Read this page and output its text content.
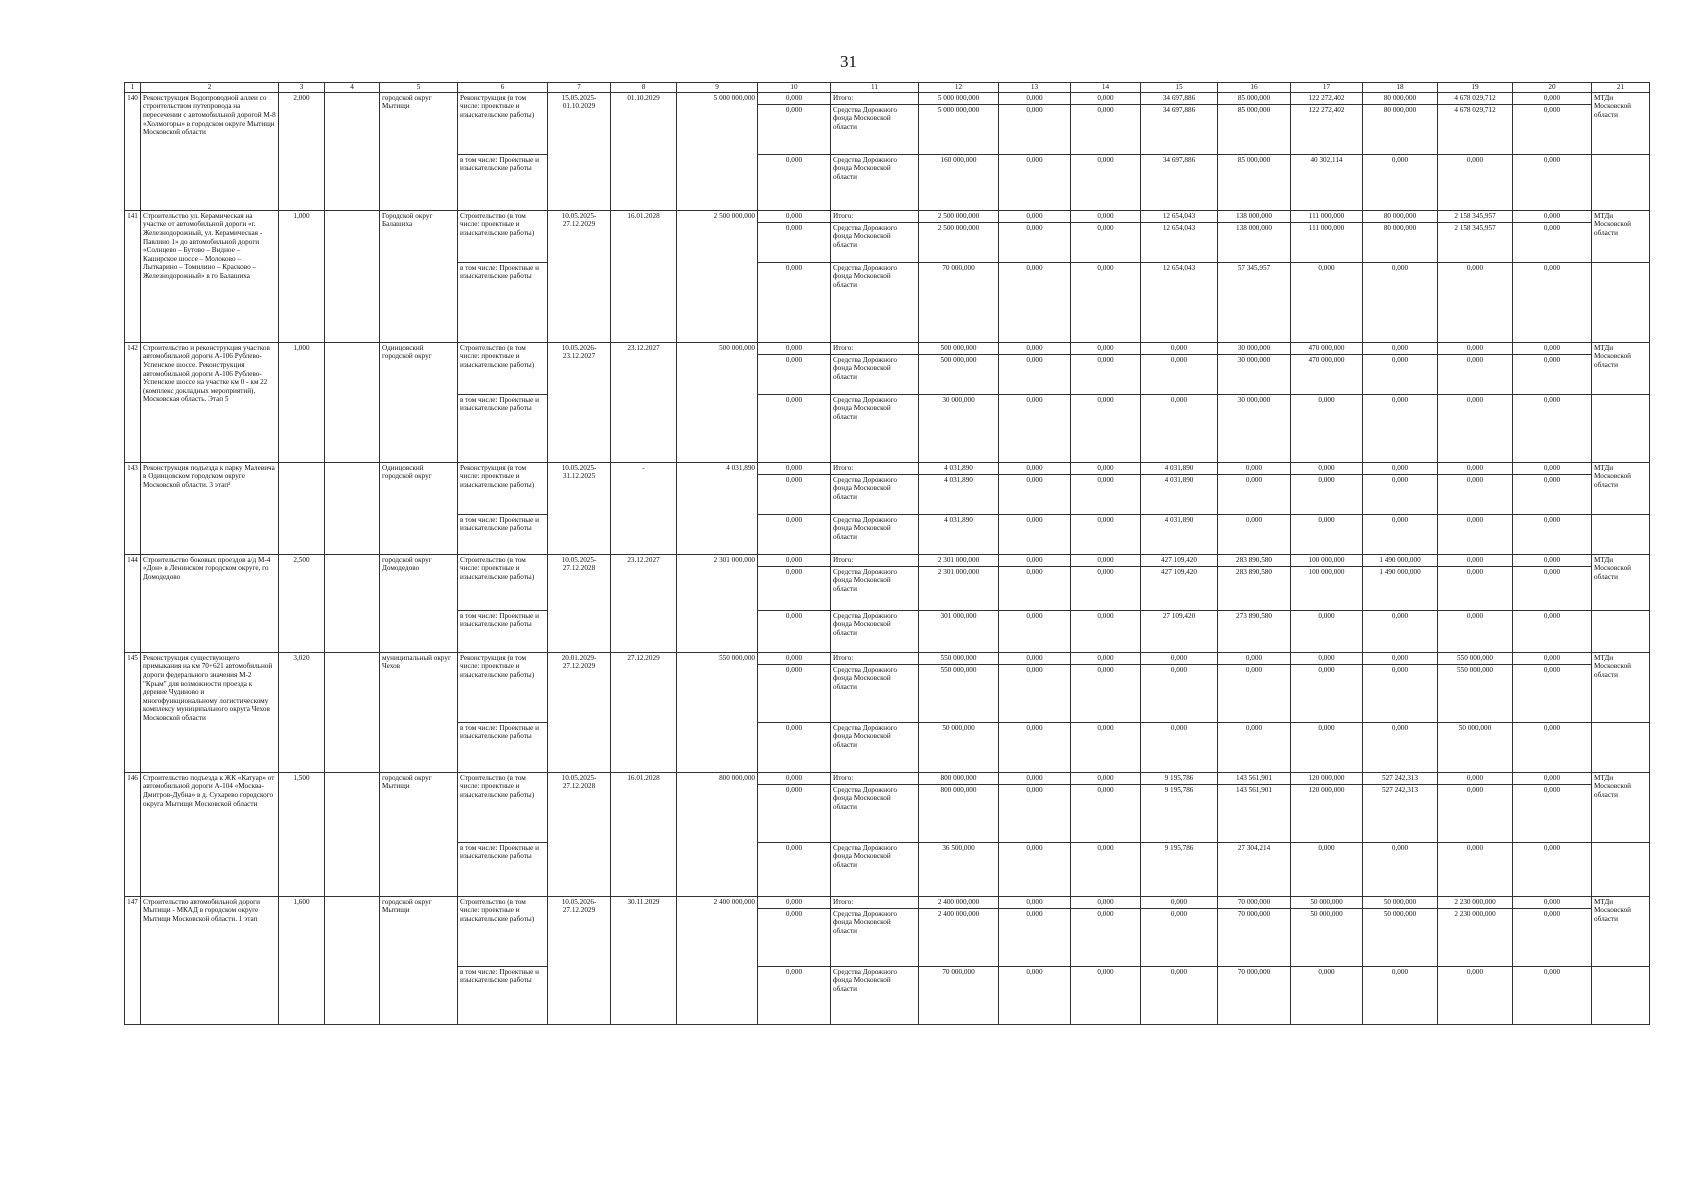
31
1	2	3	4	5	6	7	8	9	10	11	12	13	14	15	16	17	18	19	20	21
140	Реконструкция Водопроводной аллеи со строительством путепровода на пересечении с автомобильной дорогой М-8 «Холмогоры» в городском округе Мытищи Московской области	2,000		городской округ Мытищи	Реконструкция (в том числе: проектные и изыскательские работы)	15.05.2025-01.10.2029	01.10.2029	5 000 000,000	0,000	Итого:	5 000 000,000	0,000	0,000	34 697,886	85 000,000	122 272,402	80 000,000	4 678 029,712	0,000	МТДи Московской области
									0,000	Средства Дорожного фонда Московской области	5 000 000,000	0,000	0,000	34 697,886	85 000,000	122 272,402	80 000,000	4 678 029,712	0,000	
					в том числе: Проектные и изыскательские работы				0,000	Средства Дорожного фонда Московской области	160 000,000	0,000	0,000	34 697,886	85 000,000	40 302,114	0,000	0,000	0,000	
141	Строительство ул. Керамическая на участке от автомобильной дороги «г. Железнодорожный, ул. Керамическая - Павлино 1» до автомобильной дороги «Солнцево – Бутово – Видное – Каширское шоссе – Молоково – Лыткарино – Томилино – Красково – Железнодорожный» в го Балашиха	1,000		Городской округ Балашиха	Строительство (в том числе: проектные и изыскательские работы)	10.05.2025-27.12.2029	16.01.2028	2 500 000,000	0,000	Итого:	2 500 000,000	0,000	0,000	12 654,043	138 000,000	111 000,000	80 000,000	2 158 345,957	0,000	МТДи Московской области
									0,000	Средства Дорожного фонда Московской области	2 500 000,000	0,000	0,000	12 654,043	138 000,000	111 000,000	80 000,000	2 158 345,957	0,000	
					в том числе: Проектные и изыскательские работы				0,000	Средства Дорожного фонда Московской области	70 000,000	0,000	0,000	12 654,043	57 345,957	0,000	0,000	0,000	0,000	
142	Строительство и реконструкция участков автомобильной дороги А-106 Рублево-Успенское шоссе. Реконструкция автомобильной дороги А-106 Рублево-Успенское шоссе на участке км 0 - км 22 (комплекс докладных мероприятий), Московская область. Этап 5	1,000		Одинцовский городской округ	Строительство (в том числе: проектные и изыскательские работы)	10.05.2026-23.12.2027	23.12.2027	500 000,000	0,000	Итого:	500 000,000	0,000	0,000	0,000	30 000,000	470 000,000	0,000	0,000	0,000	МТДи Московской области
									0,000	Средства Дорожного фонда Московской области	500 000,000	0,000	0,000	0,000	30 000,000	470 000,000	0,000	0,000	0,000	
					в том числе: Проектные и изыскательские работы				0,000	Средства Дорожного фонда Московской области	30 000,000	0,000	0,000	0,000	30 000,000	0,000	0,000	0,000	0,000	
143	Реконструкция подъезда к парку Малевича в Одинцовском городском округе Московской области. 3 этап²			Одинцовский городской округ	Реконструкция (в том числе: проектные и изыскательские работы)	10.05.2025-31.12.2025	-	4 031,890	0,000	Итого:	4 031,890	0,000	0,000	4 031,890	0,000	0,000	0,000	0,000	0,000	МТДи Московской области
									0,000	Средства Дорожного фонда Московской области	4 031,890	0,000	0,000	4 031,890	0,000	0,000	0,000	0,000	0,000	
					в том числе: Проектные и изыскательские работы				0,000	Средства Дорожного фонда Московской области	4 031,890	0,000	0,000	4 031,890	0,000	0,000	0,000	0,000	0,000	
144	Строительство боковых проездов а/д М-4 «Дон» в Ленинском городском округе, го Домодедово	2,500		городской округ Домодедово	Строительство (в том числе: проектные и изыскательские работы)	10.05.2025-27.12.2028	23.12.2027	2 301 000,000	0,000	Итого:	2 301 000,000	0,000	0,000	427 109,420	283 890,580	100 000,000	1 490 000,000	0,000	0,000	МТДи Московской области
									0,000	Средства Дорожного фонда Московской области	2 301 000,000	0,000	0,000	427 109,420	283 890,580	100 000,000	1 490 000,000	0,000	0,000	
					в том числе: Проектные и изыскательские работы				0,000	Средства Дорожного фонда Московской области	301 000,000	0,000	0,000	27 109,420	273 890,580	0,000	0,000	0,000	0,000	
145	Реконструкция существующего примыкания на км 70+621 автомобильной дороги федерального значения М-2 "Крым" для возможности проезда к деревне Чудиново и многофункциональному логистическому комплексу муниципального округа Чехов Московской области	3,020		муниципальный округ Чехов	Реконструкция (в том числе: проектные и изыскательские работы)	20.01.2029-27.12.2029	27.12.2029	550 000,000	0,000	Итого:	550 000,000	0,000	0,000	0,000	0,000	0,000	0,000	550 000,000	0,000	МТДи Московской области
									0,000	Средства Дорожного фонда Московской области	550 000,000	0,000	0,000	0,000	0,000	0,000	0,000	550 000,000	0,000	
					в том числе: Проектные и изыскательские работы				0,000	Средства Дорожного фонда Московской области	50 000,000	0,000	0,000	0,000	0,000	0,000	0,000	50 000,000	0,000	
146	Строительство подъезда к ЖК «Катуар» от автомобильной дороги А-104 «Москва-Дмитров-Дубна» в д. Сухарево городского округа Мытищи Московской области	1,500		городской округ Мытищи	Строительство (в том числе: проектные и изыскательские работы)	10.05.2025-27.12.2028	16.01.2028	800 000,000	0,000	Итого:	800 000,000	0,000	0,000	9 195,786	143 561,901	120 000,000	527 242,313	0,000	0,000	МТДи Московской области
									0,000	Средства Дорожного фонда Московской области	800 000,000	0,000	0,000	9 195,786	143 561,901	120 000,000	527 242,313	0,000	0,000	
					в том числе: Проектные и изыскательские работы				0,000	Средства Дорожного фонда Московской области	36 500,000	0,000	0,000	9 195,786	27 304,214	0,000	0,000	0,000	0,000	
147	Строительство автомобильной дороги Мытищи - МКАД в городском округе Мытищи Московской области. 1 этап	1,600		городской округ Мытищи	Строительство (в том числе: проектные и изыскательские работы)	10.05.2026-27.12.2029	30.11.2029	2 400 000,000	0,000	Итого:	2 400 000,000	0,000	0,000	0,000	70 000,000	50 000,000	50 000,000	2 230 000,000	0,000	МТДи Московской области
									0,000	Средства Дорожного фонда Московской области	2 400 000,000	0,000	0,000	0,000	70 000,000	50 000,000	50 000,000	2 230 000,000	0,000	
					в том числе: Проектные и изыскательские работы				0,000	Средства Дорожного фонда Московской области	70 000,000	0,000	0,000	0,000	70 000,000	0,000	0,000	0,000	0,000	
